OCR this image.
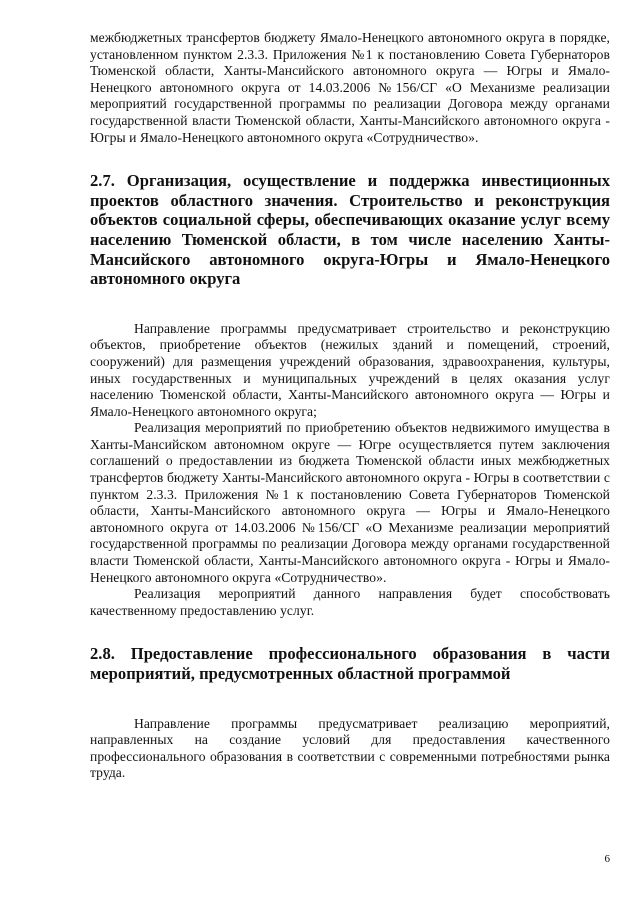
межбюджетных трансфертов бюджету Ямало-Ненецкого автономного округа в порядке, установленном пунктом 2.3.3. Приложения №1 к постановлению Совета Губернаторов Тюменской области, Ханты-Мансийского автономного округа — Югры и Ямало-Ненецкого автономного округа от 14.03.2006 №156/СГ «О Механизме реализации мероприятий государственной программы по реализации Договора между органами государственной власти Тюменской области, Ханты-Мансийского автономного округа - Югры и Ямало-Ненецкого автономного округа «Сотрудничество».

2.7. Организация, осуществление и поддержка инвестиционных проектов областного значения. Строительство и реконструкция объектов социальной сферы, обеспечивающих оказание услуг всему населению Тюменской области, в том числе населению Ханты-Мансийского автономного округа-Югры и Ямало-Ненецкого автономного округа

Направление программы предусматривает строительство и реконструкцию объектов, приобретение объектов (нежилых зданий и помещений, строений, сооружений) для размещения учреждений образования, здравоохранения, культуры, иных государственных и муниципальных учреждений в целях оказания услуг населению Тюменской области, Ханты-Мансийского автономного округа — Югры и Ямало-Ненецкого автономного округа;

Реализация мероприятий по приобретению объектов недвижимого имущества в Ханты-Мансийском автономном округе — Югре осуществляется путем заключения соглашений о предоставлении из бюджета Тюменской области иных межбюджетных трансфертов бюджету Ханты-Мансийского автономного округа - Югры в соответствии с пунктом 2.3.3. Приложения №1 к постановлению Совета Губернаторов Тюменской области, Ханты-Мансийского автономного округа — Югры и Ямало-Ненецкого автономного округа от 14.03.2006 №156/СГ «О Механизме реализации мероприятий государственной программы по реализации Договора между органами государственной власти Тюменской области, Ханты-Мансийского автономного округа - Югры и Ямало-Ненецкого автономного округа «Сотрудничество».

Реализация мероприятий данного направления будет способствовать качественному предоставлению услуг.

2.8. Предоставление профессионального образования в части мероприятий, предусмотренных областной программой

Направление программы предусматривает реализацию мероприятий, направленных на создание условий для предоставления качественного профессионального образования в соответствии с современными потребностями рынка труда.

6
